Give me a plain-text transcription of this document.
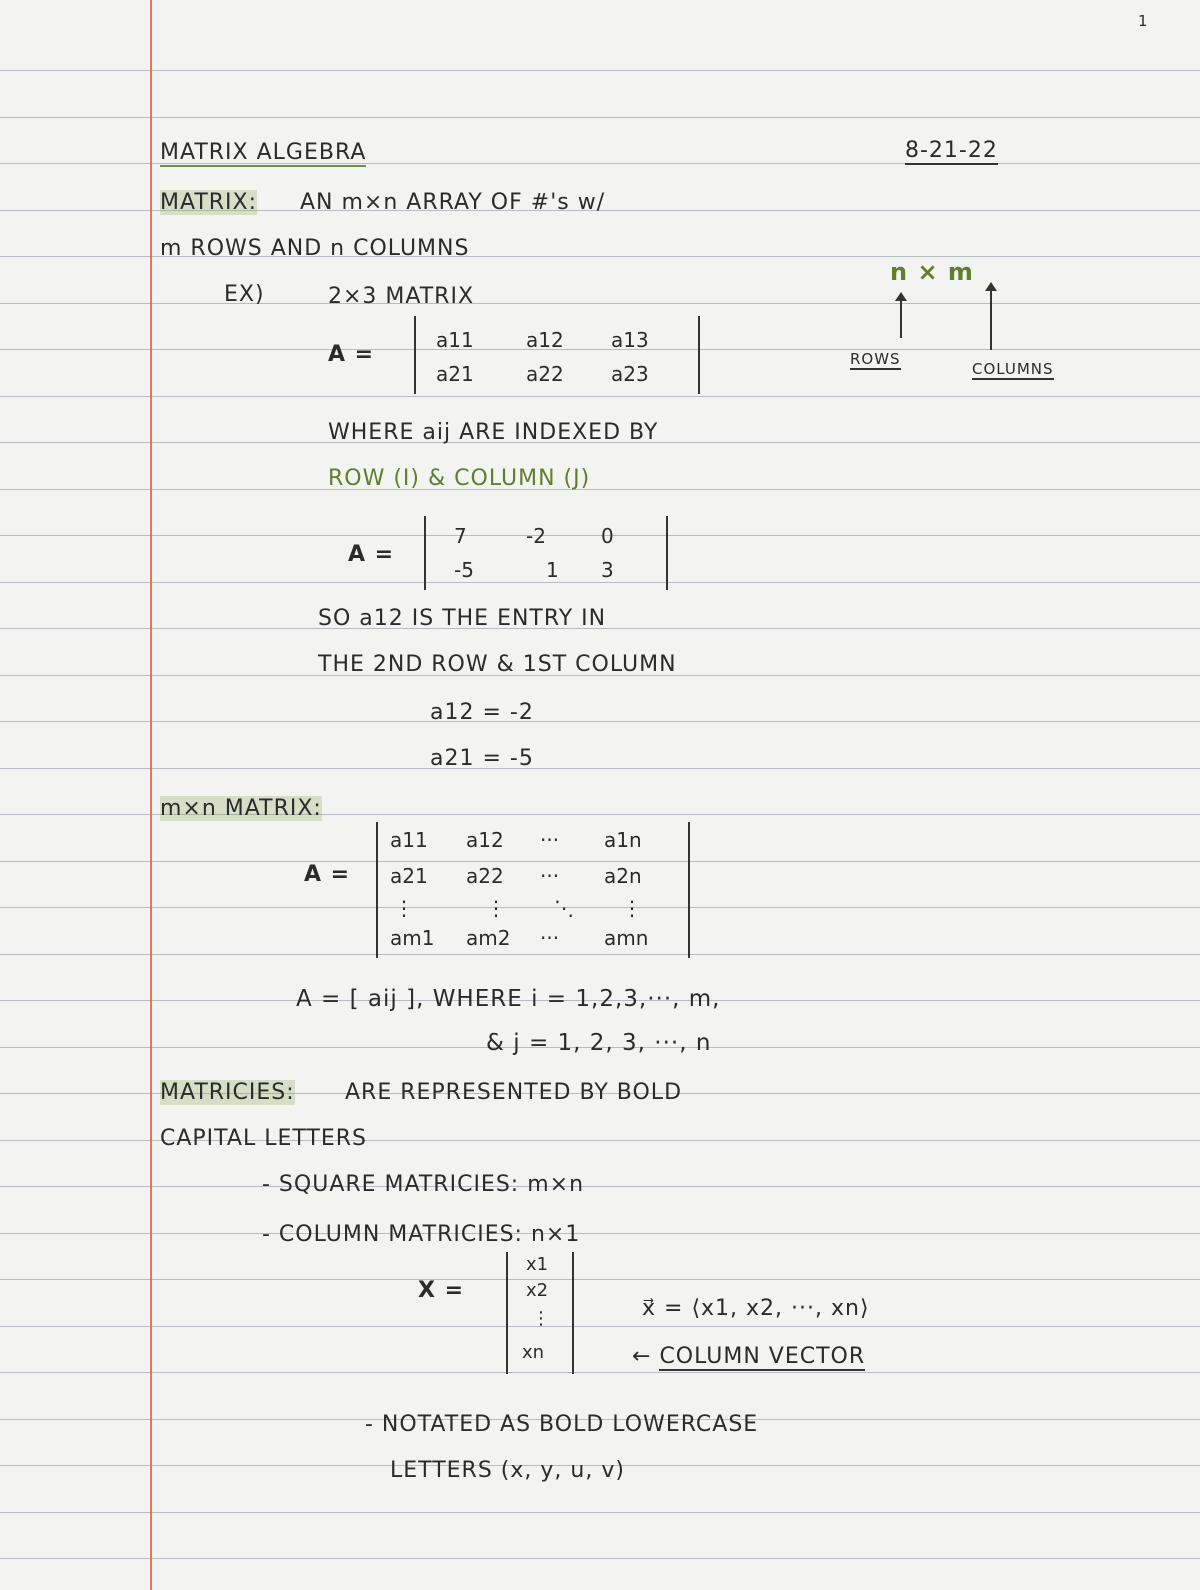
1
MATRIX ALGEBRA	8-21-22
MATRIX: AN m×n ARRAY OF #'s w/
m ROWS AND n COLUMNS
n × m
ROWS
COLUMNS
EX)	2×3 MATRIX
A =
a11	a12 a13
a21	a22 a23
WHERE aij ARE INDEXED BY
ROW (I) & COLUMN (J)
A =
7	-2	0
-5	1 3
SO a12 IS THE ENTRY IN
THE 2ND ROW & 1ST COLUMN
a12 = -2
a21 = -5
m×n MATRIX:
A =
a11 a12 ··· a1n
a21 a22 ··· a2n
⋮	⋮ ⋱ ⋮
am1 am2 ··· amn
A = [ aij ], WHERE i = 1,2,3,···, m,
& j = 1, 2, 3, ···, n
MATRICIES: ARE REPRESENTED BY BOLD
CAPITAL LETTERS
- SQUARE MATRICIES: m×n
- COLUMN MATRICIES: n×1
X =
x1
x2
⋮
xn
x⃗ = ⟨x1, x2, ···, xn⟩
← COLUMN VECTOR
- NOTATED AS BOLD LOWERCASE
LETTERS (x, y, u, v)
